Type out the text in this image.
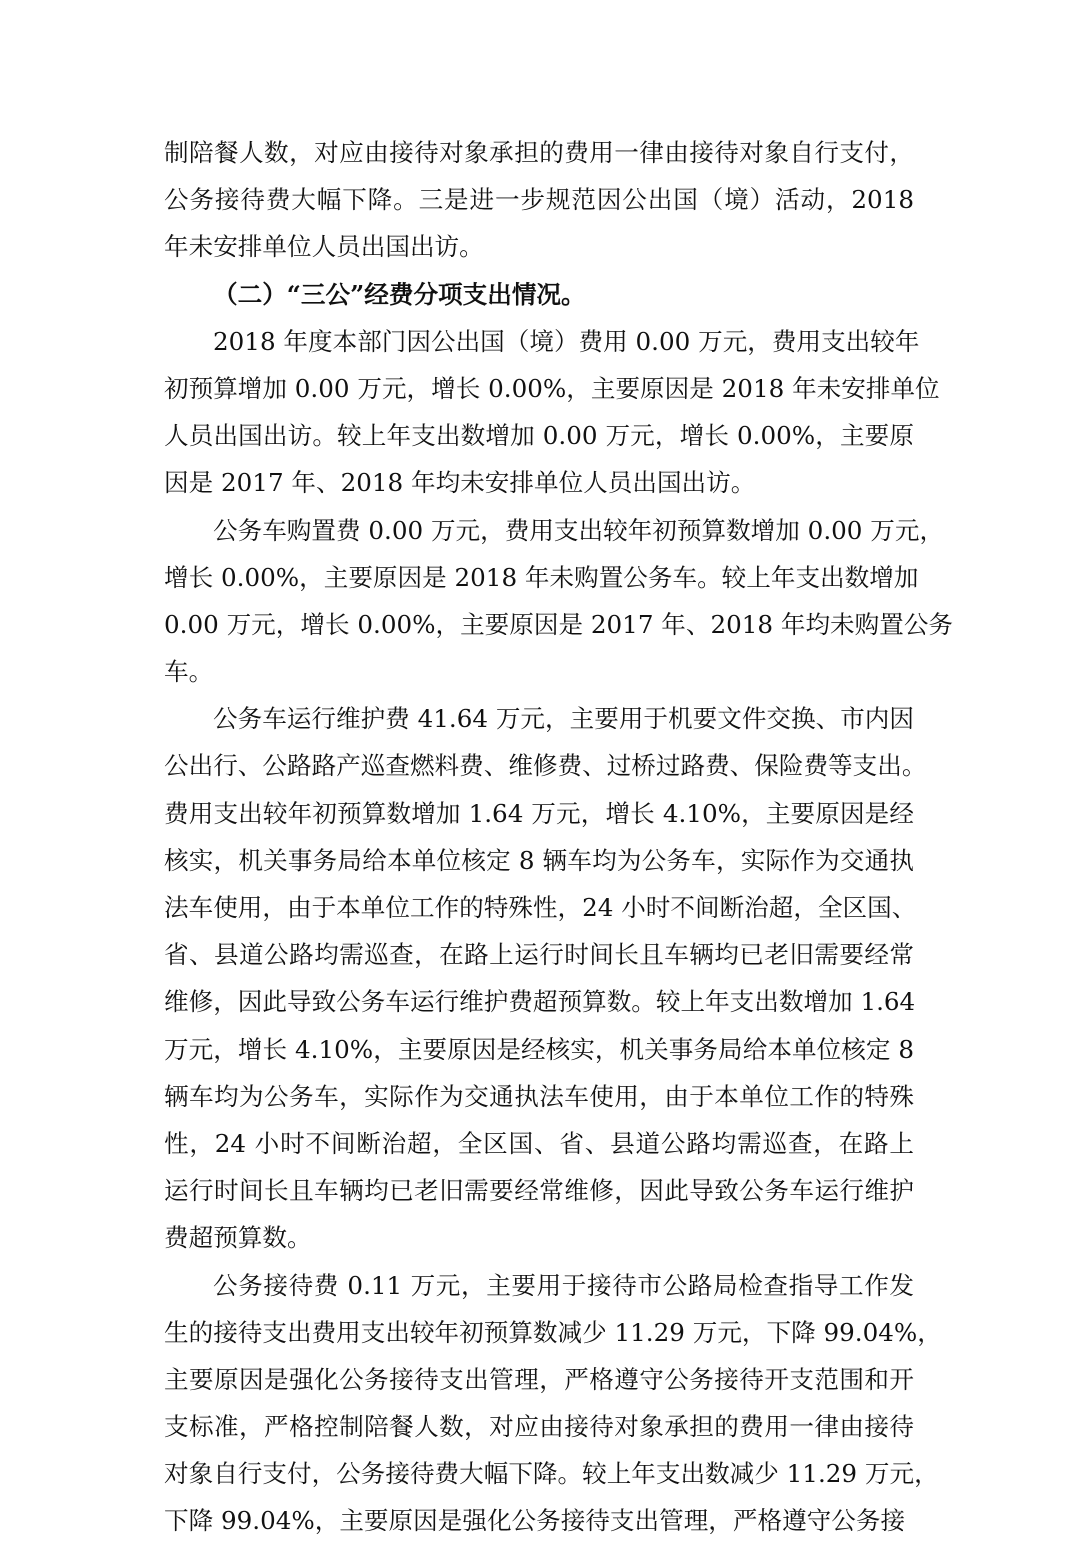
制陪餐人数，对应由接待对象承担的费用一律由接待对象自行支付，
公务接待费大幅下降。三是进一步规范因公出国（境）活动，2018
年未安排单位人员出国出访。
（二）“三公”经费分项支出情况。
2018 年度本部门因公出国（境）费用 0.00 万元，费用支出较年
初预算增加 0.00 万元，增长 0.00%，主要原因是 2018 年未安排单位
人员出国出访。较上年支出数增加 0.00 万元，增长 0.00%，主要原
因是 2017 年、2018 年均未安排单位人员出国出访。
公务车购置费 0.00 万元，费用支出较年初预算数增加 0.00 万元，
增长 0.00%，主要原因是 2018 年未购置公务车。较上年支出数增加
0.00 万元，增长 0.00%，主要原因是 2017 年、2018 年均未购置公务
车。
公务车运行维护费 41.64 万元，主要用于机要文件交换、市内因
公出行、公路路产巡查燃料费、维修费、过桥过路费、保险费等支出。
费用支出较年初预算数增加 1.64 万元，增长 4.10%，主要原因是经
核实，机关事务局给本单位核定 8 辆车均为公务车，实际作为交通执
法车使用，由于本单位工作的特殊性，24 小时不间断治超，全区国、
省、县道公路均需巡查，在路上运行时间长且车辆均已老旧需要经常
维修，因此导致公务车运行维护费超预算数。较上年支出数增加 1.64
万元，增长 4.10%，主要原因是经核实，机关事务局给本单位核定 8
辆车均为公务车，实际作为交通执法车使用，由于本单位工作的特殊
性，24 小时不间断治超，全区国、省、县道公路均需巡查，在路上
运行时间长且车辆均已老旧需要经常维修，因此导致公务车运行维护
费超预算数。
公务接待费 0.11 万元，主要用于接待市公路局检查指导工作发
生的接待支出费用支出较年初预算数减少 11.29 万元，下降 99.04%，
主要原因是强化公务接待支出管理，严格遵守公务接待开支范围和开
支标准，严格控制陪餐人数，对应由接待对象承担的费用一律由接待
对象自行支付，公务接待费大幅下降。较上年支出数减少 11.29 万元，
下降 99.04%，主要原因是强化公务接待支出管理，严格遵守公务接
